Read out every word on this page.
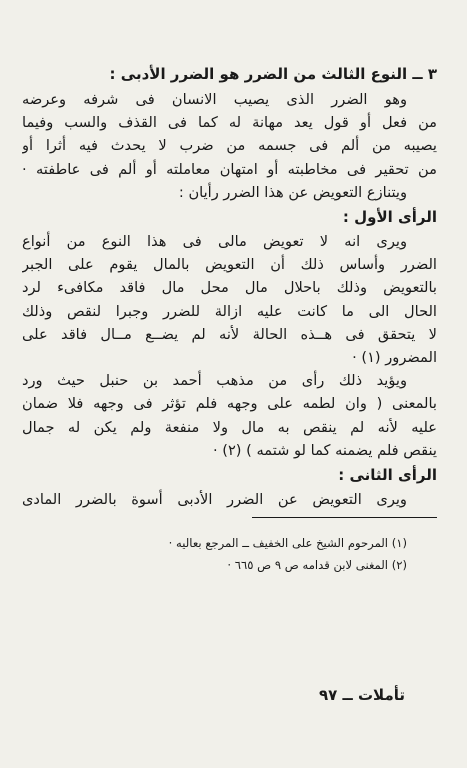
٣ ــ النوع الثالث من الضرر هو الضرر الأدبى :
وهو الضرر الذى يصيب الانسان فى شرفه وعرضه
من فعل أو قول يعد مهانة له كما فى القذف والسب وفيما
يصيبه من ألم فى جسمه من ضرب لا يحدث فيه أثرا أو
من تحقير فى مخاطبته أو امتهان معاملته أو ألم فى عاطفته ·
ويتنازع التعويض عن هذا الضرر رأيان :
الرأى الأول :
ويرى انه لا تعويض مالى فى هذا النوع من أنواع
الضرر وأساس ذلك أن التعويض بالمال يقوم على الجبر
بالتعويض وذلك باحلال مال محل مال فاقد مكافىء لرد
الحال الى ما كانت عليه ازالة للضرر وجبرا لنقص وذلك
لا يتحقق فى هــذه الحالة لأنه لم يضــع مــال فاقد على
المضرور (١) ·
ويؤيد ذلك رأى من مذهب أحمد بن حنبل حيث ورد
بالمعنى ( وان لطمه على وجهه فلم تؤثر فى وجهه فلا ضمان
عليه لأنه لم ينقص به مال ولا منفعة ولم يكن له جمال
ينقص فلم يضمنه كما لو شتمه ) (٢) ·
الرأى الثانى :
ويرى التعويض عن الضرر الأدبى أسوة بالضرر المادى
(١) المرحوم الشيخ على الخفيف ــ المرجع بعاليه ·
(٢) المغنى لابن قدامه ص ٩ ص ٦٦٥ ·
تأملات ــ ٩٧
